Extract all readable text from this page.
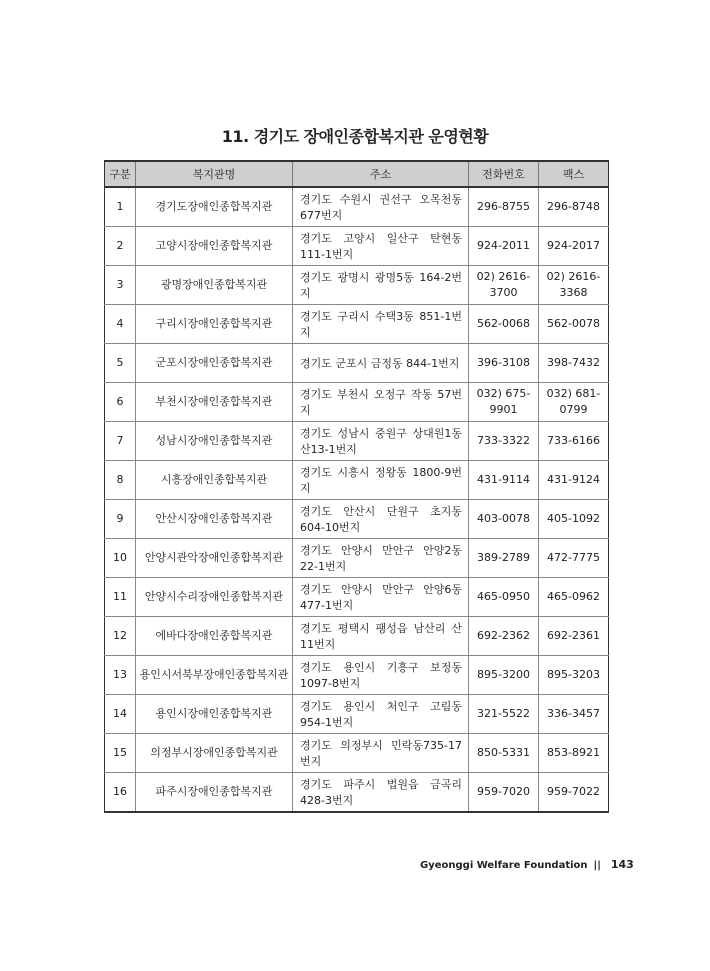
11. 경기도 장애인종합복지관 운영현황
구분	복지관명	주소	전화번호	팩스
1	경기도장애인종합복지관	경기도 수원시 권선구 오목천동 677번지	296-8755	296-8748
2	고양시장애인종합복지관	경기도 고양시 일산구 탄현동 111-1번지	924-2011	924-2017
3	광명장애인종합복지관	경기도 광명시 광명5동 164-2번지	02) 2616-3700	02) 2616-3368
4	구리시장애인종합복지관	경기도 구리시 수택3동 851-1번지	562-0068	562-0078
5	군포시장애인종합복지관	경기도 군포시 금정동 844-1번지	396-3108	398-7432
6	부천시장애인종합복지관	경기도 부천시 오정구 작동 57번지	032) 675-9901	032) 681-0799
7	성남시장애인종합복지관	경기도 성남시 중원구 상대원1동 산13-1번지	733-3322	733-6166
8	시흥장애인종합복지관	경기도 시흥시 정왕동 1800-9번지	431-9114	431-9124
9	안산시장애인종합복지관	경기도 안산시 단원구 초지동 604-10번지	403-0078	405-1092
10	안양시관악장애인종합복지관	경기도 안양시 만안구 안양2동 22-1번지	389-2789	472-7775
11	안양시수리장애인종합복지관	경기도 안양시 만안구 안양6동 477-1번지	465-0950	465-0962
12	에바다장애인종합복지관	경기도 평택시 팽성읍 남산리 산11번지	692-2362	692-2361
13	용인시서북부장애인종합복지관	경기도 용인시 기흥구 보정동 1097-8번지	895-3200	895-3203
14	용인시장애인종합복지관	경기도 용인시 처인구 고림동 954-1번지	321-5522	336-3457
15	의정부시장애인종합복지관	경기도 의정부시 민락동735-17번지	850-5331	853-8921
16	파주시장애인종합복지관	경기도 파주시 법원읍 금곡리 428-3번지	959-7020	959-7022
Gyeonggi Welfare Foundation || 143
